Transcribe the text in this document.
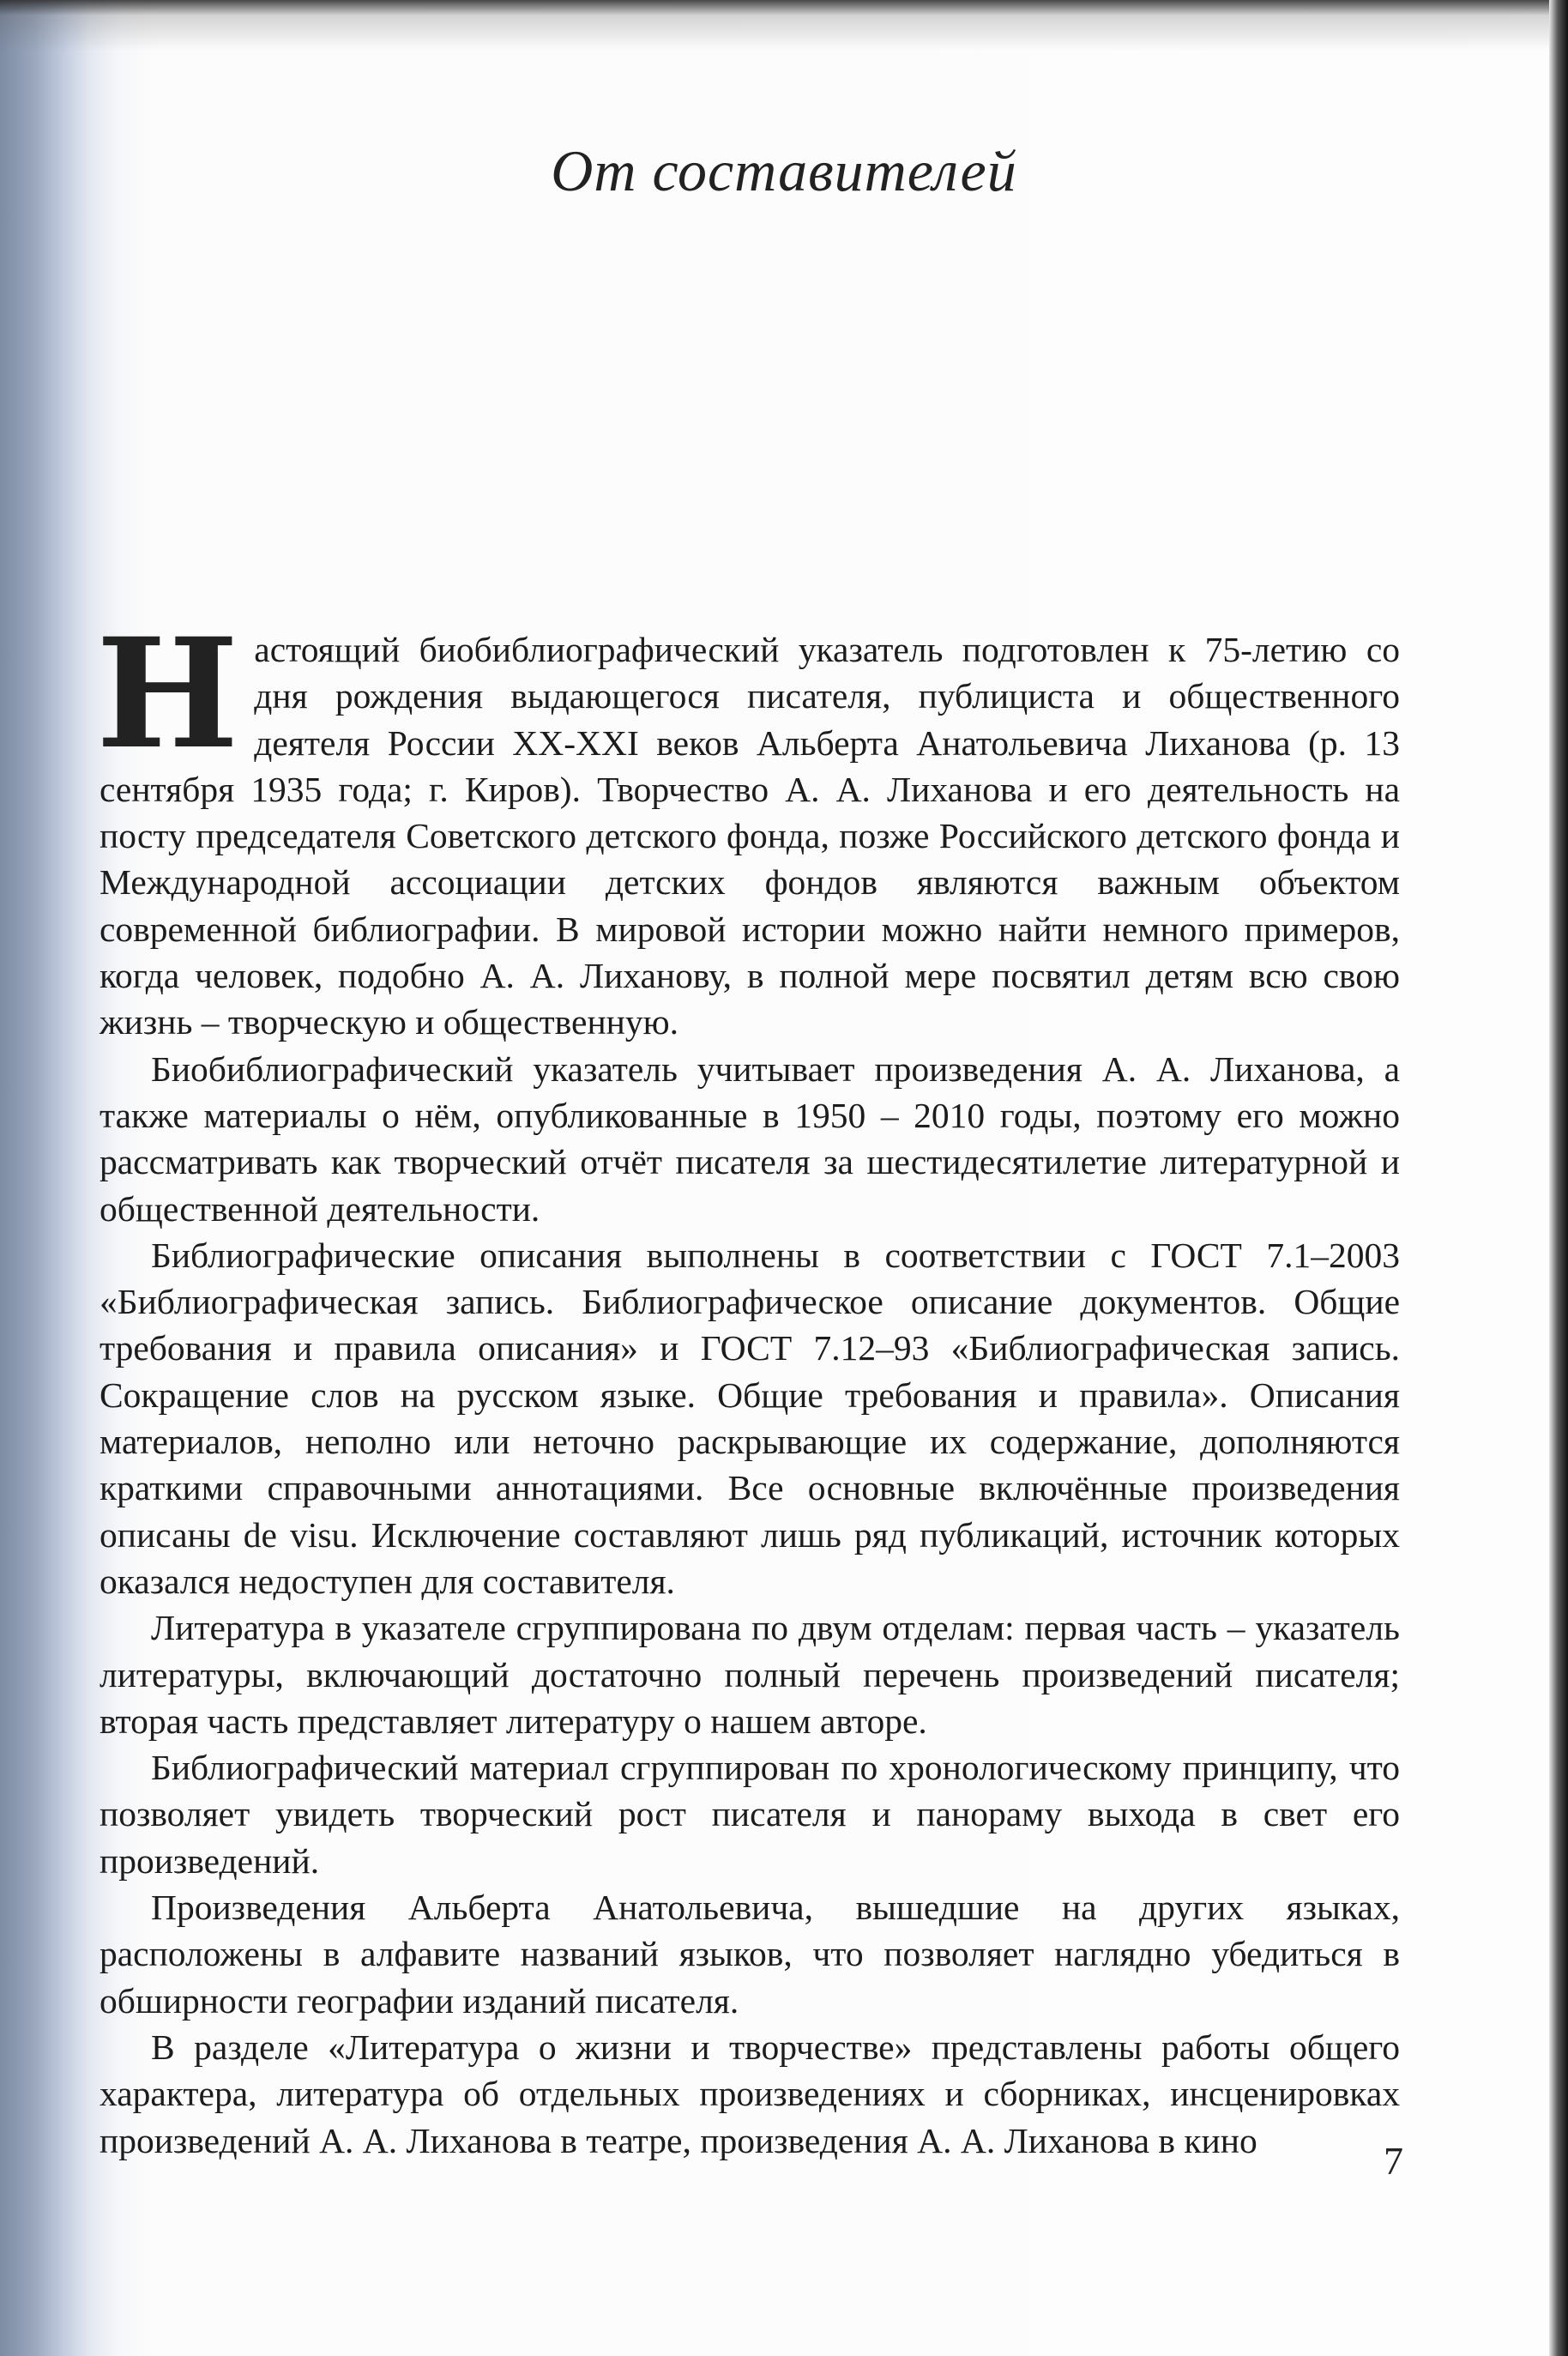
От составителей

Настоящий биобиблиографический указатель подготовлен к 75-летию со дня рождения выдающегося писателя, публициста и общественного деятеля России XX-XXI веков Альберта Анатольевича Лиханова (р. 13 сентября 1935 года; г. Киров). Творчество А. А. Лиханова и его деятельность на посту председателя Советского детского фонда, позже Российского детского фонда и Международной ассоциации детских фондов являются важным объектом современной библиографии. В мировой истории можно найти немного примеров, когда человек, подобно А. А. Лиханову, в полной мере посвятил детям всю свою жизнь – творческую и общественную.

Биобиблиографический указатель учитывает произведения А. А. Лиханова, а также материалы о нём, опубликованные в 1950 – 2010 годы, поэтому его можно рассматривать как творческий отчёт писателя за шестидесятилетие литературной и общественной деятельности.

Библиографические описания выполнены в соответствии с ГОСТ 7.1–2003 «Библиографическая запись. Библиографическое описание документов. Общие требования и правила описания» и ГОСТ 7.12–93 «Библиографическая запись. Сокращение слов на русском языке. Общие требования и правила». Описания материалов, неполно или неточно раскрывающие их содержание, дополняются краткими справочными аннотациями. Все основные включённые произведения описаны de visu. Исключение составляют лишь ряд публикаций, источник которых оказался недоступен для составителя.

Литература в указателе сгруппирована по двум отделам: первая часть – указатель литературы, включающий достаточно полный перечень произведений писателя; вторая часть представляет литературу о нашем авторе.

Библиографический материал сгруппирован по хронологическому принципу, что позволяет увидеть творческий рост писателя и панораму выхода в свет его произведений.

Произведения Альберта Анатольевича, вышедшие на других языках, расположены в алфавите названий языков, что позволяет наглядно убедиться в обширности географии изданий писателя.

В разделе «Литература о жизни и творчестве» представлены работы общего характера, литература об отдельных произведениях и сборниках, инсценировках произведений А. А. Лиханова в театре, произведения А. А. Лиханова в кино	7
